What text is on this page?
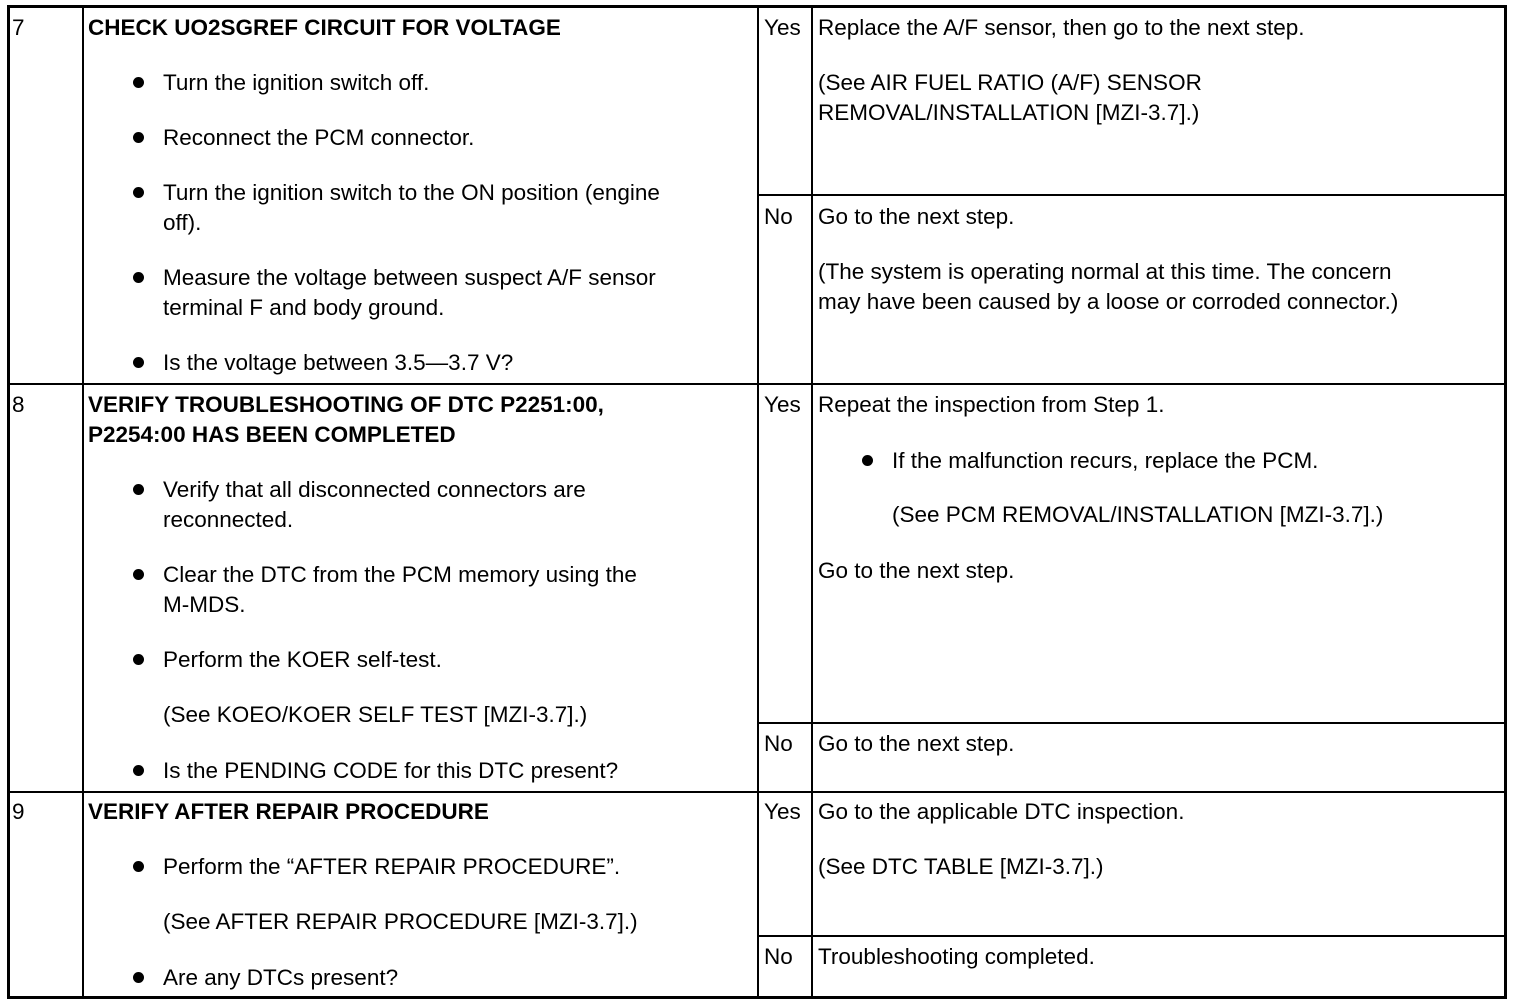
7	CHECK UO2SGREF CIRCUIT FOR VOLTAGE
Turn the ignition switch off.
Reconnect the PCM connector.
Turn the ignition switch to the ON position (engine
off).
Measure the voltage between suspect A/F sensor
terminal F and body ground.
Is the voltage between 3.5—3.7 V?
Yes Replace the A/F sensor, then go to the next step.
(See AIR FUEL RATIO (A/F) SENSOR
REMOVAL/INSTALLATION [MZI-3.7].)
No Go to the next step.
(The system is operating normal at this time. The concern
may have been caused by a loose or corroded connector.)
8	VERIFY TROUBLESHOOTING OF DTC P2251:00,
P2254:00 HAS BEEN COMPLETED
Verify that all disconnected connectors are
reconnected.
Clear the DTC from the PCM memory using the
M-MDS.
Perform the KOER self-test.
(See KOEO/KOER SELF TEST [MZI-3.7].)
Is the PENDING CODE for this DTC present?
Yes Repeat the inspection from Step 1.
If the malfunction recurs, replace the PCM.
(See PCM REMOVAL/INSTALLATION [MZI-3.7].)
Go to the next step.
No Go to the next step.
9	VERIFY AFTER REPAIR PROCEDURE
Perform the “AFTER REPAIR PROCEDURE”.
(See AFTER REPAIR PROCEDURE [MZI-3.7].)
Are any DTCs present?
Yes Go to the applicable DTC inspection.
(See DTC TABLE [MZI-3.7].)
No Troubleshooting completed.
